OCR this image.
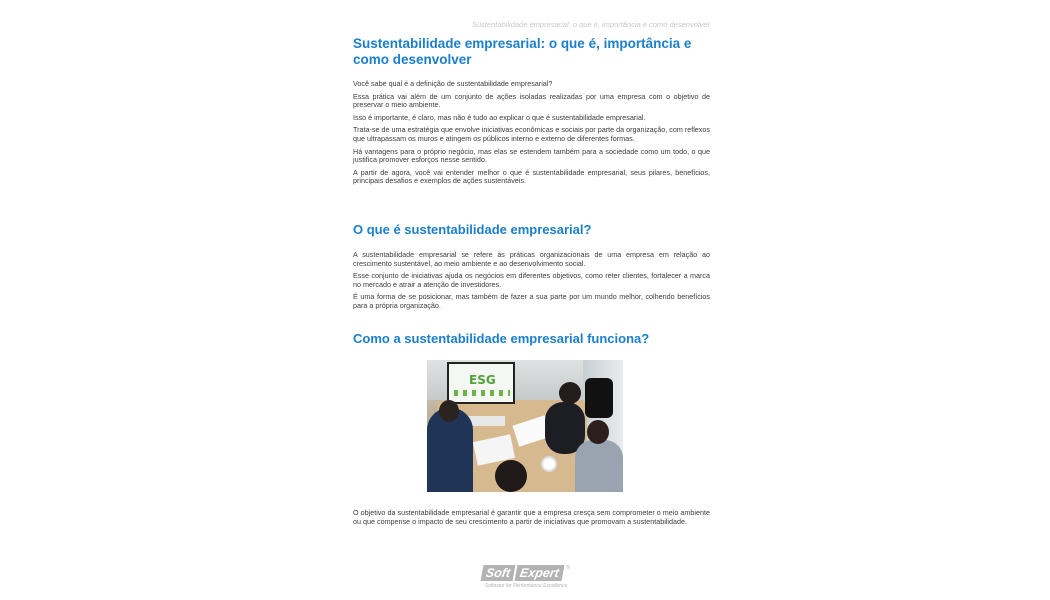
Sustentabilidade empresarial: o que é, importância e como desenvolver
Sustentabilidade empresarial: o que é, importância e como desenvolver

Você sabe qual é a definição de sustentabilidade empresarial?

Essa prática vai além de um conjunto de ações isoladas realizadas por uma empresa com o objetivo de preservar o meio ambiente.

Isso é importante, é claro, mas não é tudo ao explicar o que é sustentabilidade empresarial.

Trata-se de uma estratégia que envolve iniciativas econômicas e sociais por parte da organização, com reflexos que ultrapassam os muros e atingem os públicos interno e externo de diferentes formas.

Há vantagens para o próprio negócio, mas elas se estendem também para a sociedade como um todo, o que justifica promover esforços nesse sentido.

A partir de agora, você vai entender melhor o que é sustentabilidade empresarial, seus pilares, benefícios, principais desafios e exemplos de ações sustentáveis.

O que é sustentabilidade empresarial?

A sustentabilidade empresarial se refere às práticas organizacionais de uma empresa em relação ao crescimento sustentável, ao meio ambiente e ao desenvolvimento social.

Esse conjunto de iniciativas ajuda os negócios em diferentes objetivos, como reter clientes, fortalecer a marca no mercado e atrair a atenção de investidores.

É uma forma de se posicionar, mas também de fazer a sua parte por um mundo melhor, colhendo benefícios para a própria organização.

Como a sustentabilidade empresarial funciona?
ESG

O objetivo da sustentabilidade empresarial é garantir que a empresa cresça sem comprometer o meio ambiente ou que compense o impacto de seu crescimento a partir de iniciativas que promovam a sustentabilidade.

Soft Expert	®
Software for Performance Excellence
